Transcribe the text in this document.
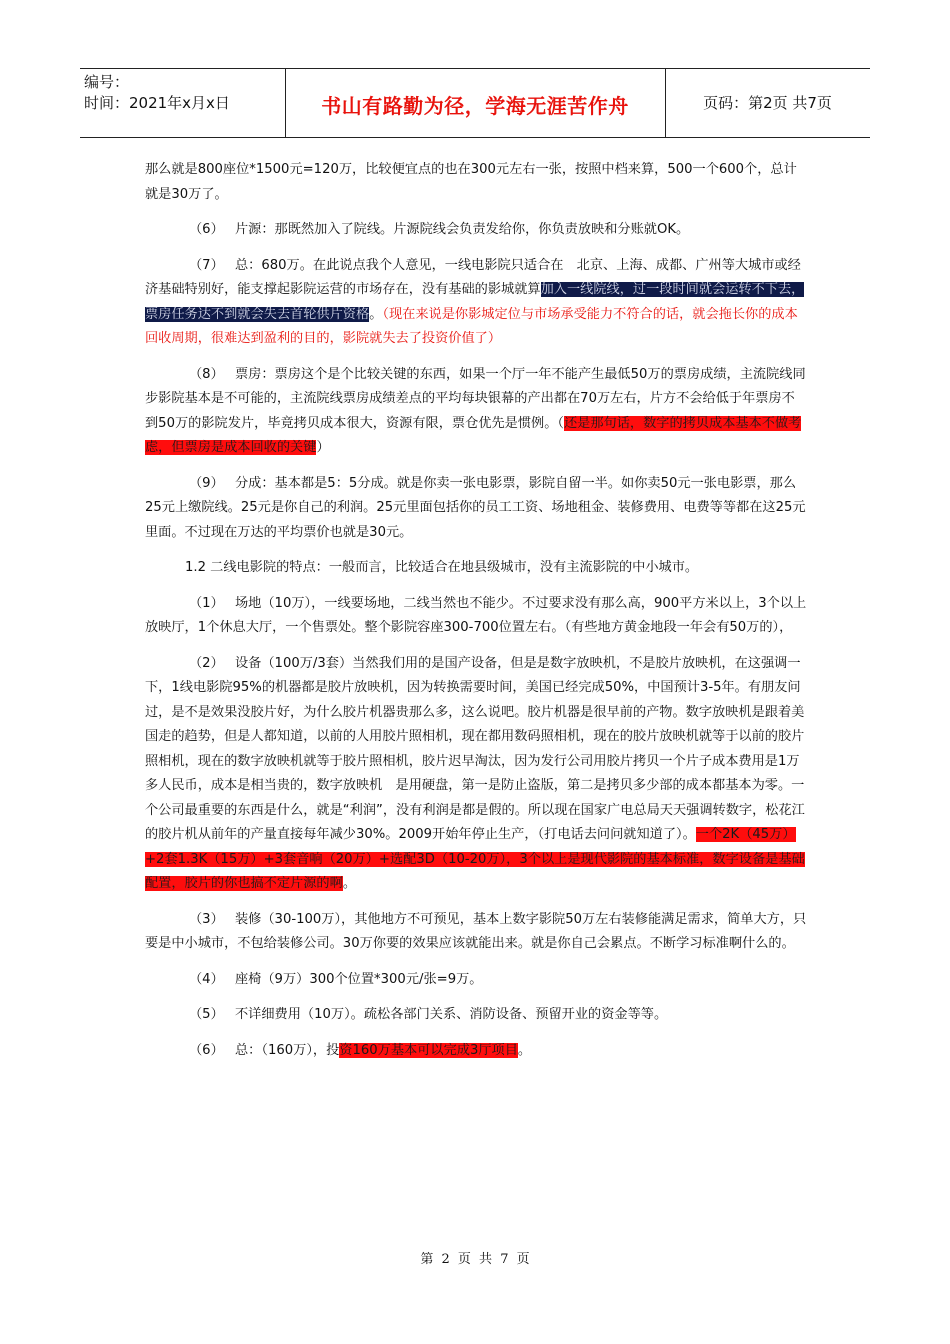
编号：
时间：2021年x月x日	书山有路勤为径，学海无涯苦作舟	页码：第2页 共7页

那么就是800座位*1500元=120万，比较便宜点的也在300元左右一张，按照中档来算，500一个600个，总计就是30万了。

（6） 片源：那既然加入了院线。片源院线会负责发给你，你负责放映和分账就OK。

（7） 总：680万。在此说点我个人意见，一线电影院只适合在　北京、上海、成都、广州等大城市或经济基础特别好，能支撑起影院运营的市场存在，没有基础的影城就算加入一线院线，过一段时间就会运转不下去，票房任务达不到就会失去首轮供片资格。（现在来说是你影城定位与市场承受能力不符合的话，就会拖长你的成本回收周期，很难达到盈利的目的，影院就失去了投资价值了）

（8） 票房：票房这个是个比较关键的东西，如果一个厅一年不能产生最低50万的票房成绩，主流院线同步影院基本是不可能的，主流院线票房成绩差点的平均每块银幕的产出都在70万左右，片方不会给低于年票房不到50万的影院发片，毕竟拷贝成本很大，资源有限，票仓优先是惯例。（还是那句话，数字的拷贝成本基本不做考虑，但票房是成本回收的关键）

（9） 分成：基本都是5：5分成。就是你卖一张电影票，影院自留一半。如你卖50元一张电影票，那么25元上缴院线。25元是你自己的利润。25元里面包括你的员工工资、场地租金、装修费用、电费等等都在这25元里面。不过现在万达的平均票价也就是30元。

1.2 二线电影院的特点：一般而言，比较适合在地县级城市，没有主流影院的中小城市。

（1） 场地（10万），一线要场地，二线当然也不能少。不过要求没有那么高，900平方米以上，3个以上放映厅，1个休息大厅，一个售票处。整个影院容座300-700位置左右。（有些地方黄金地段一年会有50万的），

（2） 设备（100万/3套）当然我们用的是国产设备，但是是数字放映机，不是胶片放映机，在这强调一下，1线电影院95%的机器都是胶片放映机，因为转换需要时间，美国已经完成50%，中国预计3-5年。有朋友问过，是不是效果没胶片好，为什么胶片机器贵那么多，这么说吧。胶片机器是很早前的产物。数字放映机是跟着美国走的趋势，但是人都知道，以前的人用胶片照相机，现在都用数码照相机，现在的胶片放映机就等于以前的胶片照相机，现在的数字放映机就等于胶片照相机，胶片迟早淘汰，因为发行公司用胶片拷贝一个片子成本费用是1万多人民币，成本是相当贵的，数字放映机　是用硬盘，第一是防止盗版，第二是拷贝多少部的成本都基本为零。一个公司最重要的东西是什么，就是“利润”，没有利润是都是假的。所以现在国家广电总局天天强调转数字，松花江的胶片机从前年的产量直接每年减少30%。2009开始年停止生产，（打电话去问问就知道了）。一个2K（45万）+2套1.3K（15万）+3套音响（20万）+选配3D（10-20万），3个以上是现代影院的基本标准，数字设备是基础配置，胶片的你也搞不定片源的啊。

（3） 装修（30-100万），其他地方不可预见，基本上数字影院50万左右装修能满足需求，简单大方，只要是中小城市，不包给装修公司。30万你要的效果应该就能出来。就是你自己会累点。不断学习标准啊什么的。

（4） 座椅（9万）300个位置*300元/张=9万。

（5） 不详细费用（10万）。疏松各部门关系、消防设备、预留开业的资金等等。

（6） 总：（160万），投资160万基本可以完成3厅项目。

第 2 页 共 7 页
